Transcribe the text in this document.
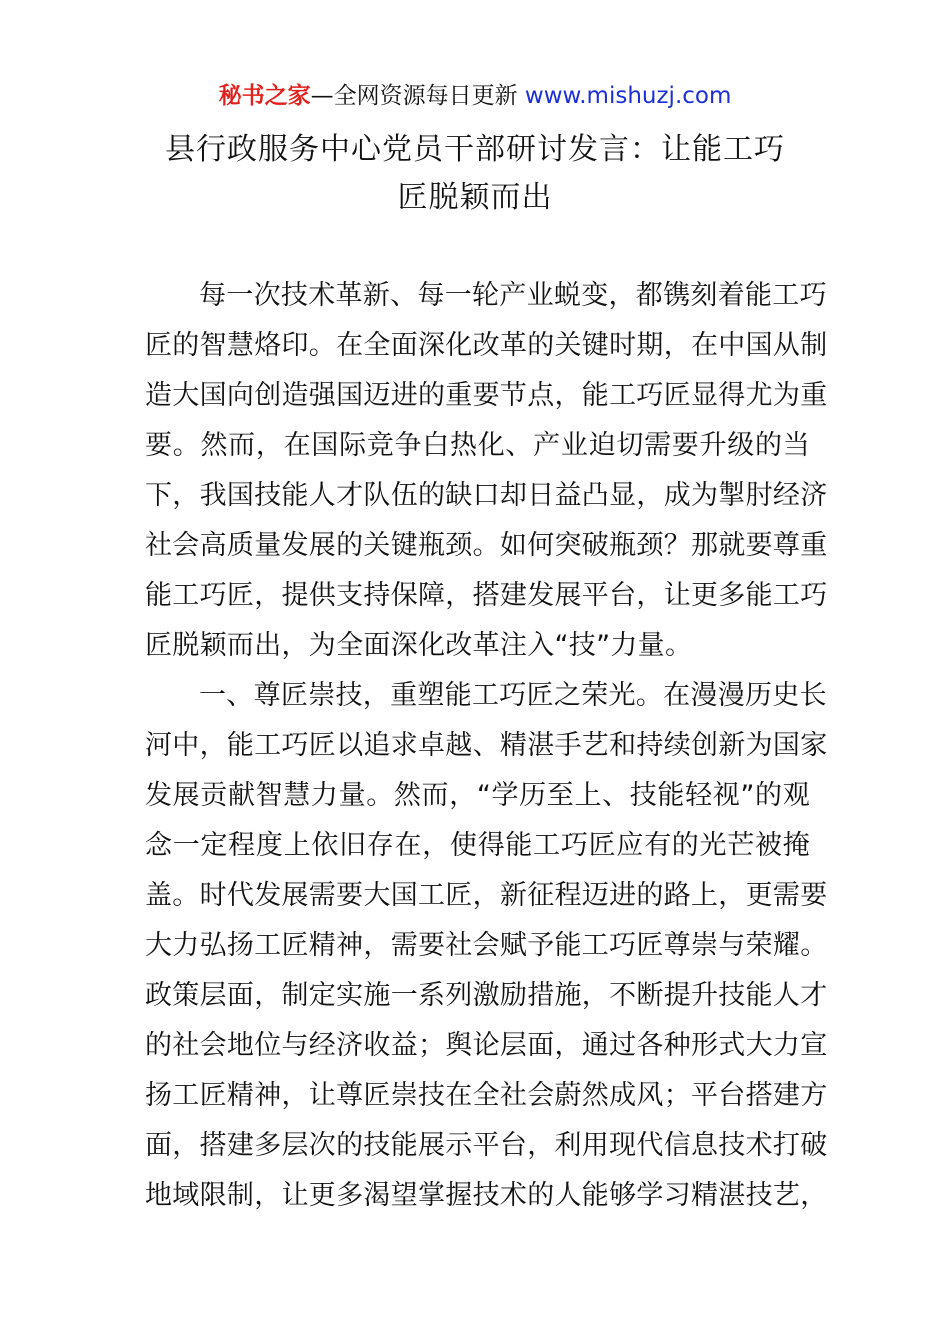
秘书之家—全网资源每日更新 www.mishuzj.com
县行政服务中心党员干部研讨发言：让能工巧
匠脱颖而出
每一次技术革新、每一轮产业蜕变，都镌刻着能工巧
匠的智慧烙印。在全面深化改革的关键时期，在中国从制
造大国向创造强国迈进的重要节点，能工巧匠显得尤为重
要。然而，在国际竞争白热化、产业迫切需要升级的当
下，我国技能人才队伍的缺口却日益凸显，成为掣肘经济
社会高质量发展的关键瓶颈。如何突破瓶颈？那就要尊重
能工巧匠，提供支持保障，搭建发展平台，让更多能工巧
匠脱颖而出，为全面深化改革注入“技”力量。
一、尊匠崇技，重塑能工巧匠之荣光。在漫漫历史长
河中，能工巧匠以追求卓越、精湛手艺和持续创新为国家
发展贡献智慧力量。然而，“学历至上、技能轻视”的观
念一定程度上依旧存在，使得能工巧匠应有的光芒被掩
盖。时代发展需要大国工匠，新征程迈进的路上，更需要
大力弘扬工匠精神，需要社会赋予能工巧匠尊崇与荣耀。
政策层面，制定实施一系列激励措施，不断提升技能人才
的社会地位与经济收益；舆论层面，通过各种形式大力宣
扬工匠精神，让尊匠崇技在全社会蔚然成风；平台搭建方
面，搭建多层次的技能展示平台，利用现代信息技术打破
地域限制，让更多渴望掌握技术的人能够学习精湛技艺，
